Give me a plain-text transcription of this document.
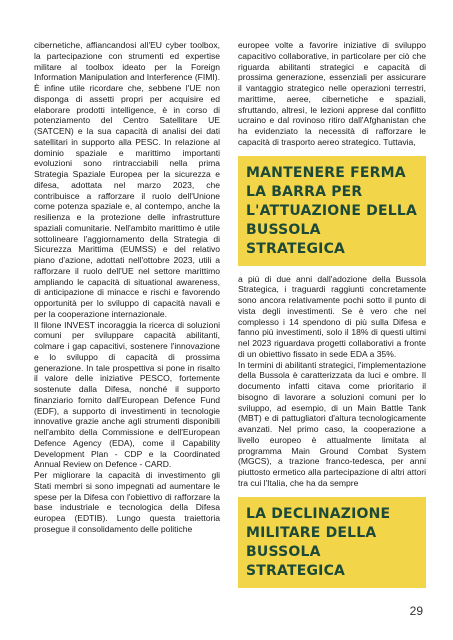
cibernetiche, affiancandosi all'EU cyber toolbox, la partecipazione con strumenti ed expertise militare al toolbox ideato per la Foreign Information Manipulation and Interference (FIMI). È infine utile ricordare che, sebbene l'UE non disponga di assetti propri per acquisire ed elaborare prodotti intelligence, è in corso di potenziamento del Centro Satellitare UE (SATCEN) e la sua capacità di analisi dei dati satellitari in supporto alla PESC. In relazione al dominio spaziale e marittimo importanti evoluzioni sono rintracciabili nella prima Strategia Spaziale Europea per la sicurezza e difesa, adottata nel marzo 2023, che contribuisce a rafforzare il ruolo dell'Unione come potenza spaziale e, al contempo, anche la resilienza e la protezione delle infrastrutture spaziali comunitarie. Nell'ambito marittimo è utile sottolineare l'aggiornamento della Strategia di Sicurezza Marittima (EUMSS) e del relativo piano d'azione, adottati nell'ottobre 2023, utili a rafforzare il ruolo dell'UE nel settore marittimo ampliando le capacità di situational awareness, di anticipazione di minacce e rischi e favorendo opportunità per lo sviluppo di capacità navali e per la cooperazione internazionale.

Il filone INVEST incoraggia la ricerca di soluzioni comuni per sviluppare capacità abilitanti, colmare i gap capacitivi, sostenere l'innovazione e lo sviluppo di capacità di prossima generazione. In tale prospettiva si pone in risalto il valore delle iniziative PESCO, fortemente sostenute dalla Difesa, nonché il supporto finanziario fornito dall'European Defence Fund (EDF), a supporto di investimenti in tecnologie innovative grazie anche agli strumenti disponibili nell'ambito della Commissione e dell'European Defence Agency (EDA), come il Capability Development Plan - CDP e la Coordinated Annual Review on Defence - CARD.

Per migliorare la capacità di investimento gli Stati membri si sono impegnati ad aumentare le spese per la Difesa con l'obiettivo di rafforzare la base industriale e tecnologica della Difesa europea (EDTIB). Lungo questa traiettoria prosegue il consolidamento delle politiche

europee volte a favorire iniziative di sviluppo capacitivo collaborative, in particolare per ciò che riguarda abilitanti strategici e capacità di prossima generazione, essenziali per assicurare il vantaggio strategico nelle operazioni terrestri, marittime, aeree, cibernetiche e spaziali, sfruttando, altresì, le lezioni apprese dal conflitto ucraino e dal rovinoso ritiro dall'Afghanistan che ha evidenziato la necessità di rafforzare le capacità di trasporto aereo strategico. Tuttavia,

MANTENERE FERMA LA BARRA PER L'ATTUAZIONE DELLA BUSSOLA STRATEGICA

a più di due anni dall'adozione della Bussola Strategica, i traguardi raggiunti concretamente sono ancora relativamente pochi sotto il punto di vista degli investimenti. Se è vero che nel complesso i 14 spendono di più sulla Difesa e fanno più investimenti, solo il 18% di questi ultimi nel 2023 riguardava progetti collaborativi a fronte di un obiettivo fissato in sede EDA a 35%.

In termini di abilitanti strategici, l'implementazione della Bussola è caratterizzata da luci e ombre. Il documento infatti citava come prioritario il bisogno di lavorare a soluzioni comuni per lo sviluppo, ad esempio, di un Main Battle Tank (MBT) e di pattugliatori d'altura tecnologicamente avanzati. Nel primo caso, la cooperazione a livello europeo è attualmente limitata al programma Main Ground Combat System (MGCS), a trazione franco-tedesca, per anni piuttosto ermetico alla partecipazione di altri attori tra cui l'Italia, che ha da sempre

LA DECLINAZIONE MILITARE DELLA BUSSOLA STRATEGICA
29
